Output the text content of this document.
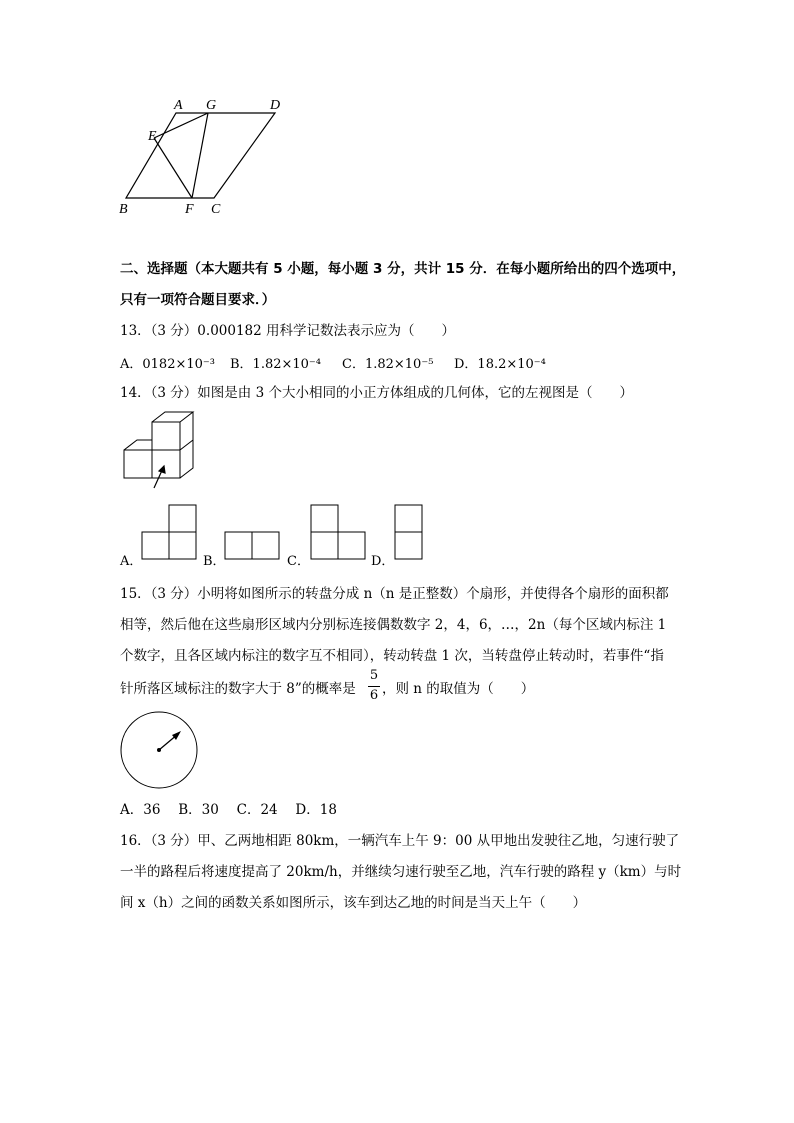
A G	D
E
B	F C
二、选择题（本大题共有 5 小题，每小题 3 分，共计 15 分．在每小题所给出的四个选项中，
只有一项符合题目要求．）
13．（3 分）0.000182 用科学记数法表示应为（　　）
A．0182×10⁻³ B．1.82×10⁻⁴ C．1.82×10⁻⁵ D．18.2×10⁻⁴
14．（3 分）如图是由 3 个大小相同的小正方体组成的几何体，它的左视图是（　　）
A．	B．	C．	D．
15．（3 分）小明将如图所示的转盘分成 n（n 是正整数）个扇形，并使得各个扇形的面积都
相等，然后他在这些扇形区域内分别标连接偶数数字 2，4，6，…，2n（每个区域内标注 1
个数字，且各区域内标注的数字互不相同），转动转盘 1 次，当转盘停止转动时，若事件“指
针所落区域标注的数字大于 8”的概率是
5
6 ，则 n 的取值为（　　）
A．36　 B．30　 C．24　 D．18
16．（3 分）甲、乙两地相距 80km，一辆汽车上午 9：00 从甲地出发驶往乙地，匀速行驶了
一半的路程后将速度提高了 20km/h，并继续匀速行驶至乙地，汽车行驶的路程 y（km）与时
间 x（h）之间的函数关系如图所示，该车到达乙地的时间是当天上午（　　）
